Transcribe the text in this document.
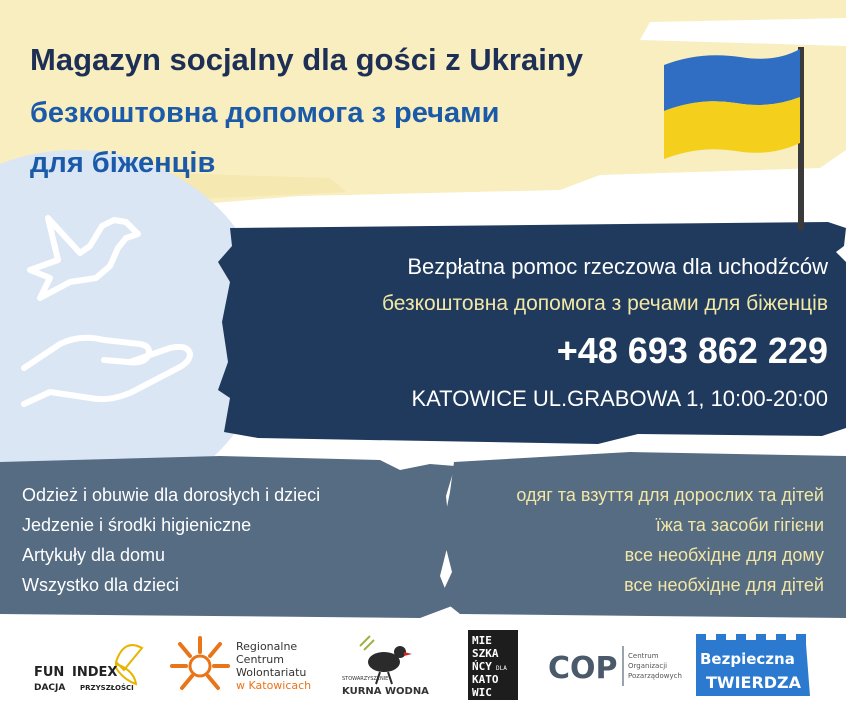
Magazyn socjalny dla gości z Ukrainy
безкоштовна допомога з речами
для біженців
Bezpłatna pomoc rzeczowa dla uchodźców
безкоштовна допомога з речами для біженців
+48 693 862 229
KATOWICE UL.GRABOWA 1, 10:00-20:00
Odzież i obuwie dla dorosłych i dzieci
Jedzenie i środki higieniczne
Artykuły dla domu
Wszystko dla dzieci
одяг та взуття для дорослих та дітей
їжа та засоби гігієни
все необхідне для дому
все необхідне для дітей
FUN INDEX
DACJA PRZYSZŁOŚCI
Regionalne
Centrum
Wolontariatu
w Katowicach	STOWARZYSZENIE
KURNA WODNA
MIE
SZKA
ŃCY DLA
KATO
WIC
COP Centrum
Organizacji
Pozarządowych
Bezpieczna
TWIERDZA
